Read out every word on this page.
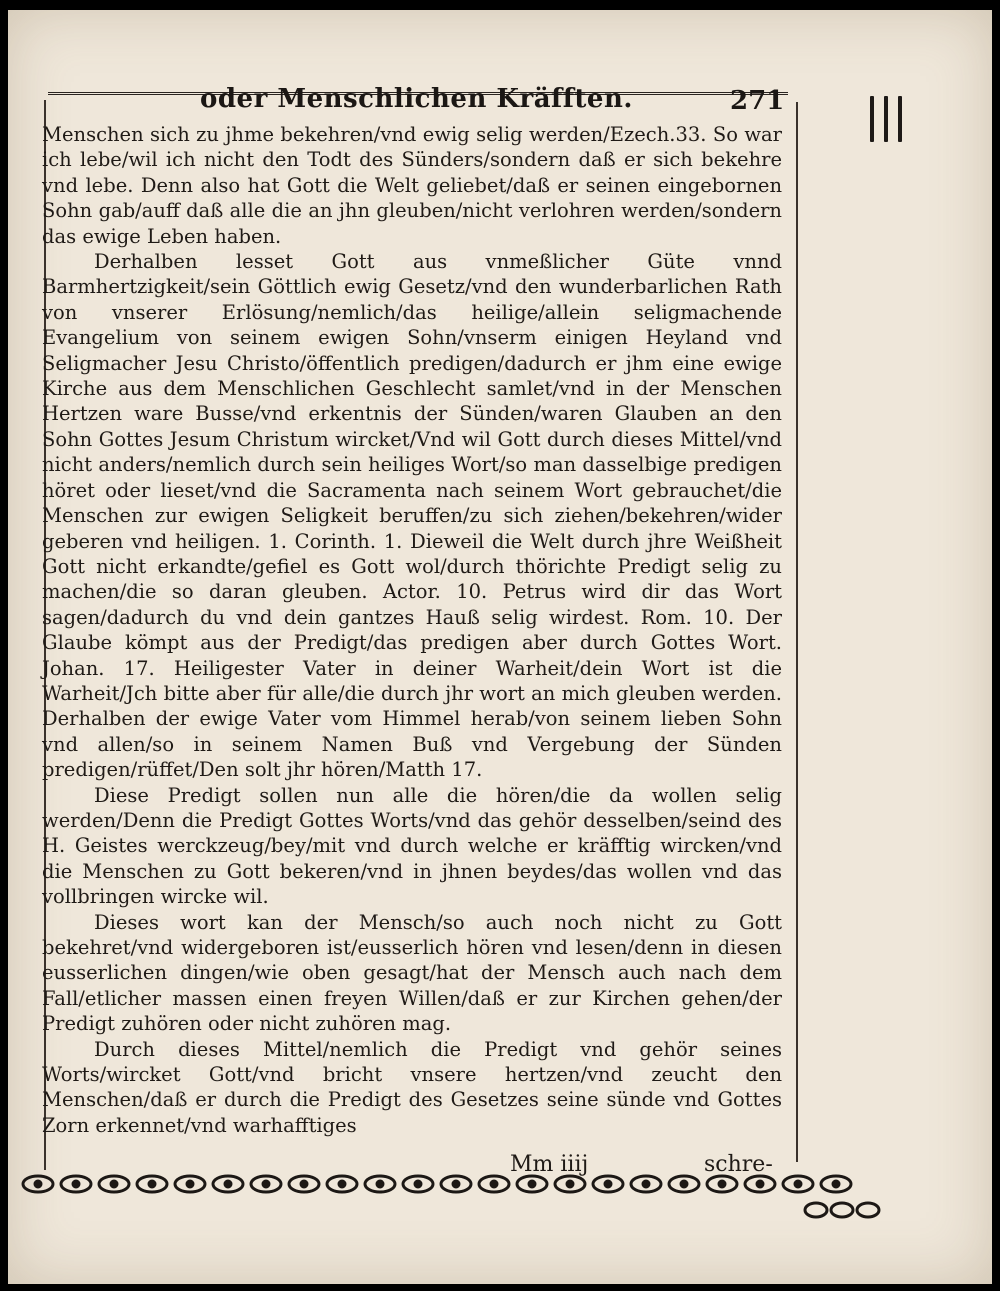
oder Menschlichen Kräfften.	271

Menschen sich zu jhme bekehren/vnd ewig selig werden/Ezech.33. So war ich lebe/wil ich nicht den Todt des Sünders/sondern daß er sich bekehre vnd lebe. Denn also hat Gott die Welt geliebet/daß er seinen eingebornen Sohn gab/auff daß alle die an jhn gleuben/nicht verlohren werden/sondern das ewige Leben haben.

Derhalben lesset Gott aus vnmeßlicher Güte vnnd Barmhertzigkeit/sein Göttlich ewig Gesetz/vnd den wunderbarlichen Rath von vnserer Erlösung/nemlich/das heilige/allein seligmachende Evangelium von seinem ewigen Sohn/vnserm einigen Heyland vnd Seligmacher Jesu Christo/öffentlich predigen/dadurch er jhm eine ewige Kirche aus dem Menschlichen Geschlecht samlet/vnd in der Menschen Hertzen ware Busse/vnd erkentnis der Sünden/waren Glauben an den Sohn Gottes Jesum Christum wircket/Vnd wil Gott durch dieses Mittel/vnd nicht anders/nemlich durch sein heiliges Wort/so man dasselbige predigen höret oder lieset/vnd die Sacramenta nach seinem Wort gebrauchet/die Menschen zur ewigen Seligkeit beruffen/zu sich ziehen/bekehren/wider geberen vnd heiligen. 1. Corinth. 1. Dieweil die Welt durch jhre Weißheit Gott nicht erkandte/gefiel es Gott wol/durch thörichte Predigt selig zu machen/die so daran gleuben. Actor. 10. Petrus wird dir das Wort sagen/dadurch du vnd dein gantzes Hauß selig wirdest. Rom. 10. Der Glaube kömpt aus der Predigt/das predigen aber durch Gottes Wort. Johan. 17. Heiligester Vater in deiner Warheit/dein Wort ist die Warheit/Jch bitte aber für alle/die durch jhr wort an mich gleuben werden. Derhalben der ewige Vater vom Himmel herab/von seinem lieben Sohn vnd allen/so in seinem Namen Buß vnd Vergebung der Sünden predigen/rüffet/Den solt jhr hören/Matth 17.

Diese Predigt sollen nun alle die hören/die da wollen selig werden/Denn die Predigt Gottes Worts/vnd das gehör desselben/seind des H. Geistes werckzeug/bey/mit vnd durch welche er kräfftig wircken/vnd die Menschen zu Gott bekeren/vnd in jhnen beydes/das wollen vnd das vollbringen wircke wil.

Dieses wort kan der Mensch/so auch noch nicht zu Gott bekehret/vnd widergeboren ist/eusserlich hören vnd lesen/denn in diesen eusserlichen dingen/wie oben gesagt/hat der Mensch auch nach dem Fall/etlicher massen einen freyen Willen/daß er zur Kirchen gehen/der Predigt zuhören oder nicht zuhören mag.

Durch dieses Mittel/nemlich die Predigt vnd gehör seines Worts/wircket Gott/vnd bricht vnsere hertzen/vnd zeucht den Menschen/daß er durch die Predigt des Gesetzes seine sünde vnd Gottes Zorn erkennet/vnd warhafftiges

Mm iiij	schre-
